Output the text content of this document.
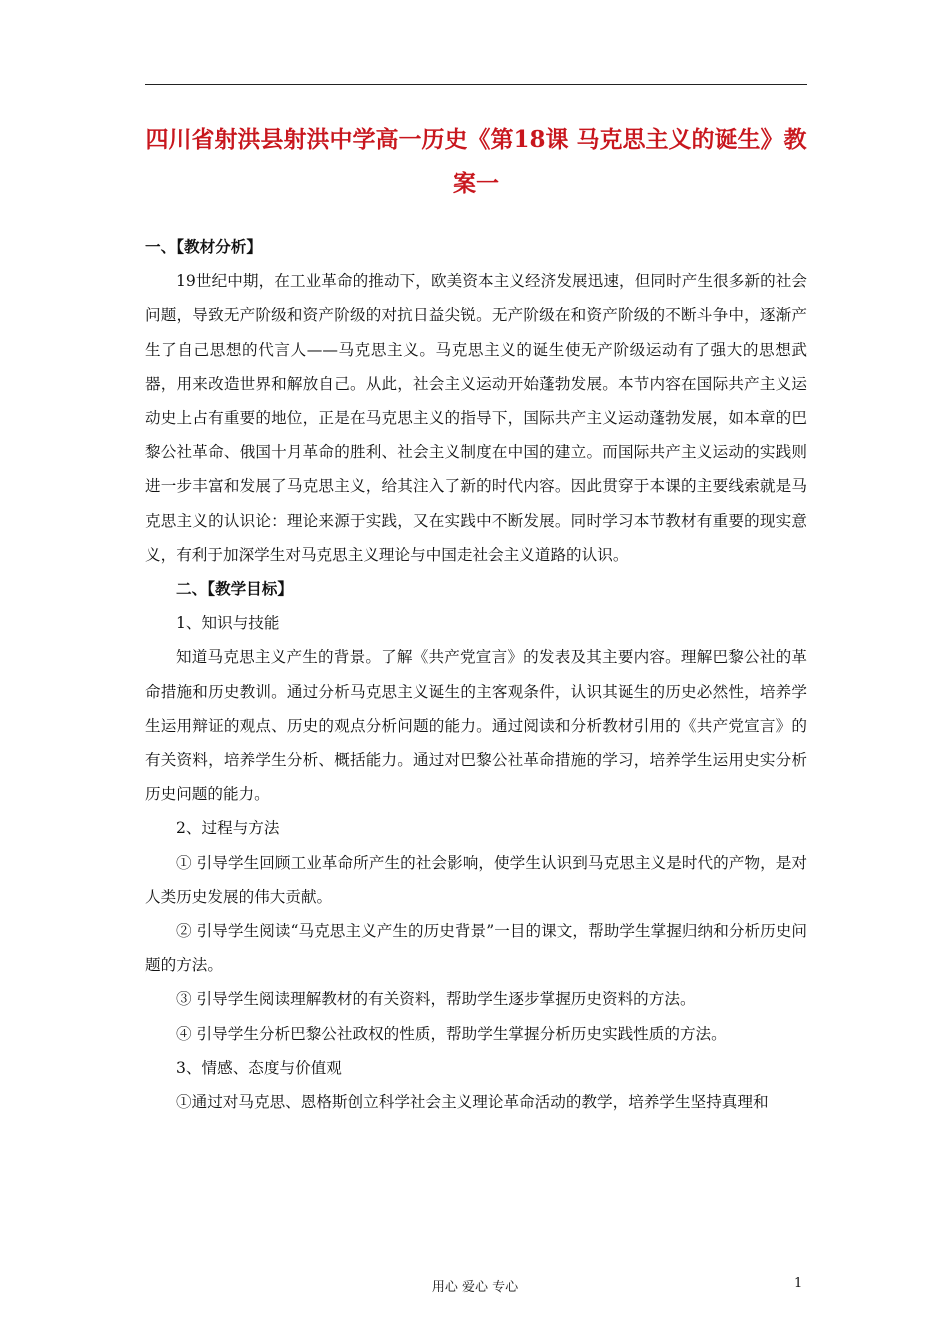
四川省射洪县射洪中学高一历史《第18课 马克思主义的诞生》教案一

一、【教材分析】

19世纪中期，在工业革命的推动下，欧美资本主义经济发展迅速，但同时产生很多新的社会问题，导致无产阶级和资产阶级的对抗日益尖锐。无产阶级在和资产阶级的不断斗争中，逐渐产生了自己思想的代言人——马克思主义。马克思主义的诞生使无产阶级运动有了强大的思想武器，用来改造世界和解放自己。从此，社会主义运动开始蓬勃发展。本节内容在国际共产主义运动史上占有重要的地位，正是在马克思主义的指导下，国际共产主义运动蓬勃发展，如本章的巴黎公社革命、俄国十月革命的胜利、社会主义制度在中国的建立。而国际共产主义运动的实践则进一步丰富和发展了马克思主义，给其注入了新的时代内容。因此贯穿于本课的主要线索就是马克思主义的认识论：理论来源于实践，又在实践中不断发展。同时学习本节教材有重要的现实意义，有利于加深学生对马克思主义理论与中国走社会主义道路的认识。

二、【教学目标】

1、知识与技能

知道马克思主义产生的背景。了解《共产党宣言》的发表及其主要内容。理解巴黎公社的革命措施和历史教训。通过分析马克思主义诞生的主客观条件，认识其诞生的历史必然性，培养学生运用辩证的观点、历史的观点分析问题的能力。通过阅读和分析教材引用的《共产党宣言》的有关资料，培养学生分析、概括能力。通过对巴黎公社革命措施的学习，培养学生运用史实分析历史问题的能力。

2、过程与方法

① 引导学生回顾工业革命所产生的社会影响，使学生认识到马克思主义是时代的产物，是对人类历史发展的伟大贡献。

② 引导学生阅读“马克思主义产生的历史背景”一目的课文，帮助学生掌握归纳和分析历史问题的方法。

③ 引导学生阅读理解教材的有关资料，帮助学生逐步掌握历史资料的方法。

④ 引导学生分析巴黎公社政权的性质，帮助学生掌握分析历史实践性质的方法。

3、情感、态度与价值观

①通过对马克思、恩格斯创立科学社会主义理论革命活动的教学，培养学生坚持真理和

用心 爱心 专心	1
